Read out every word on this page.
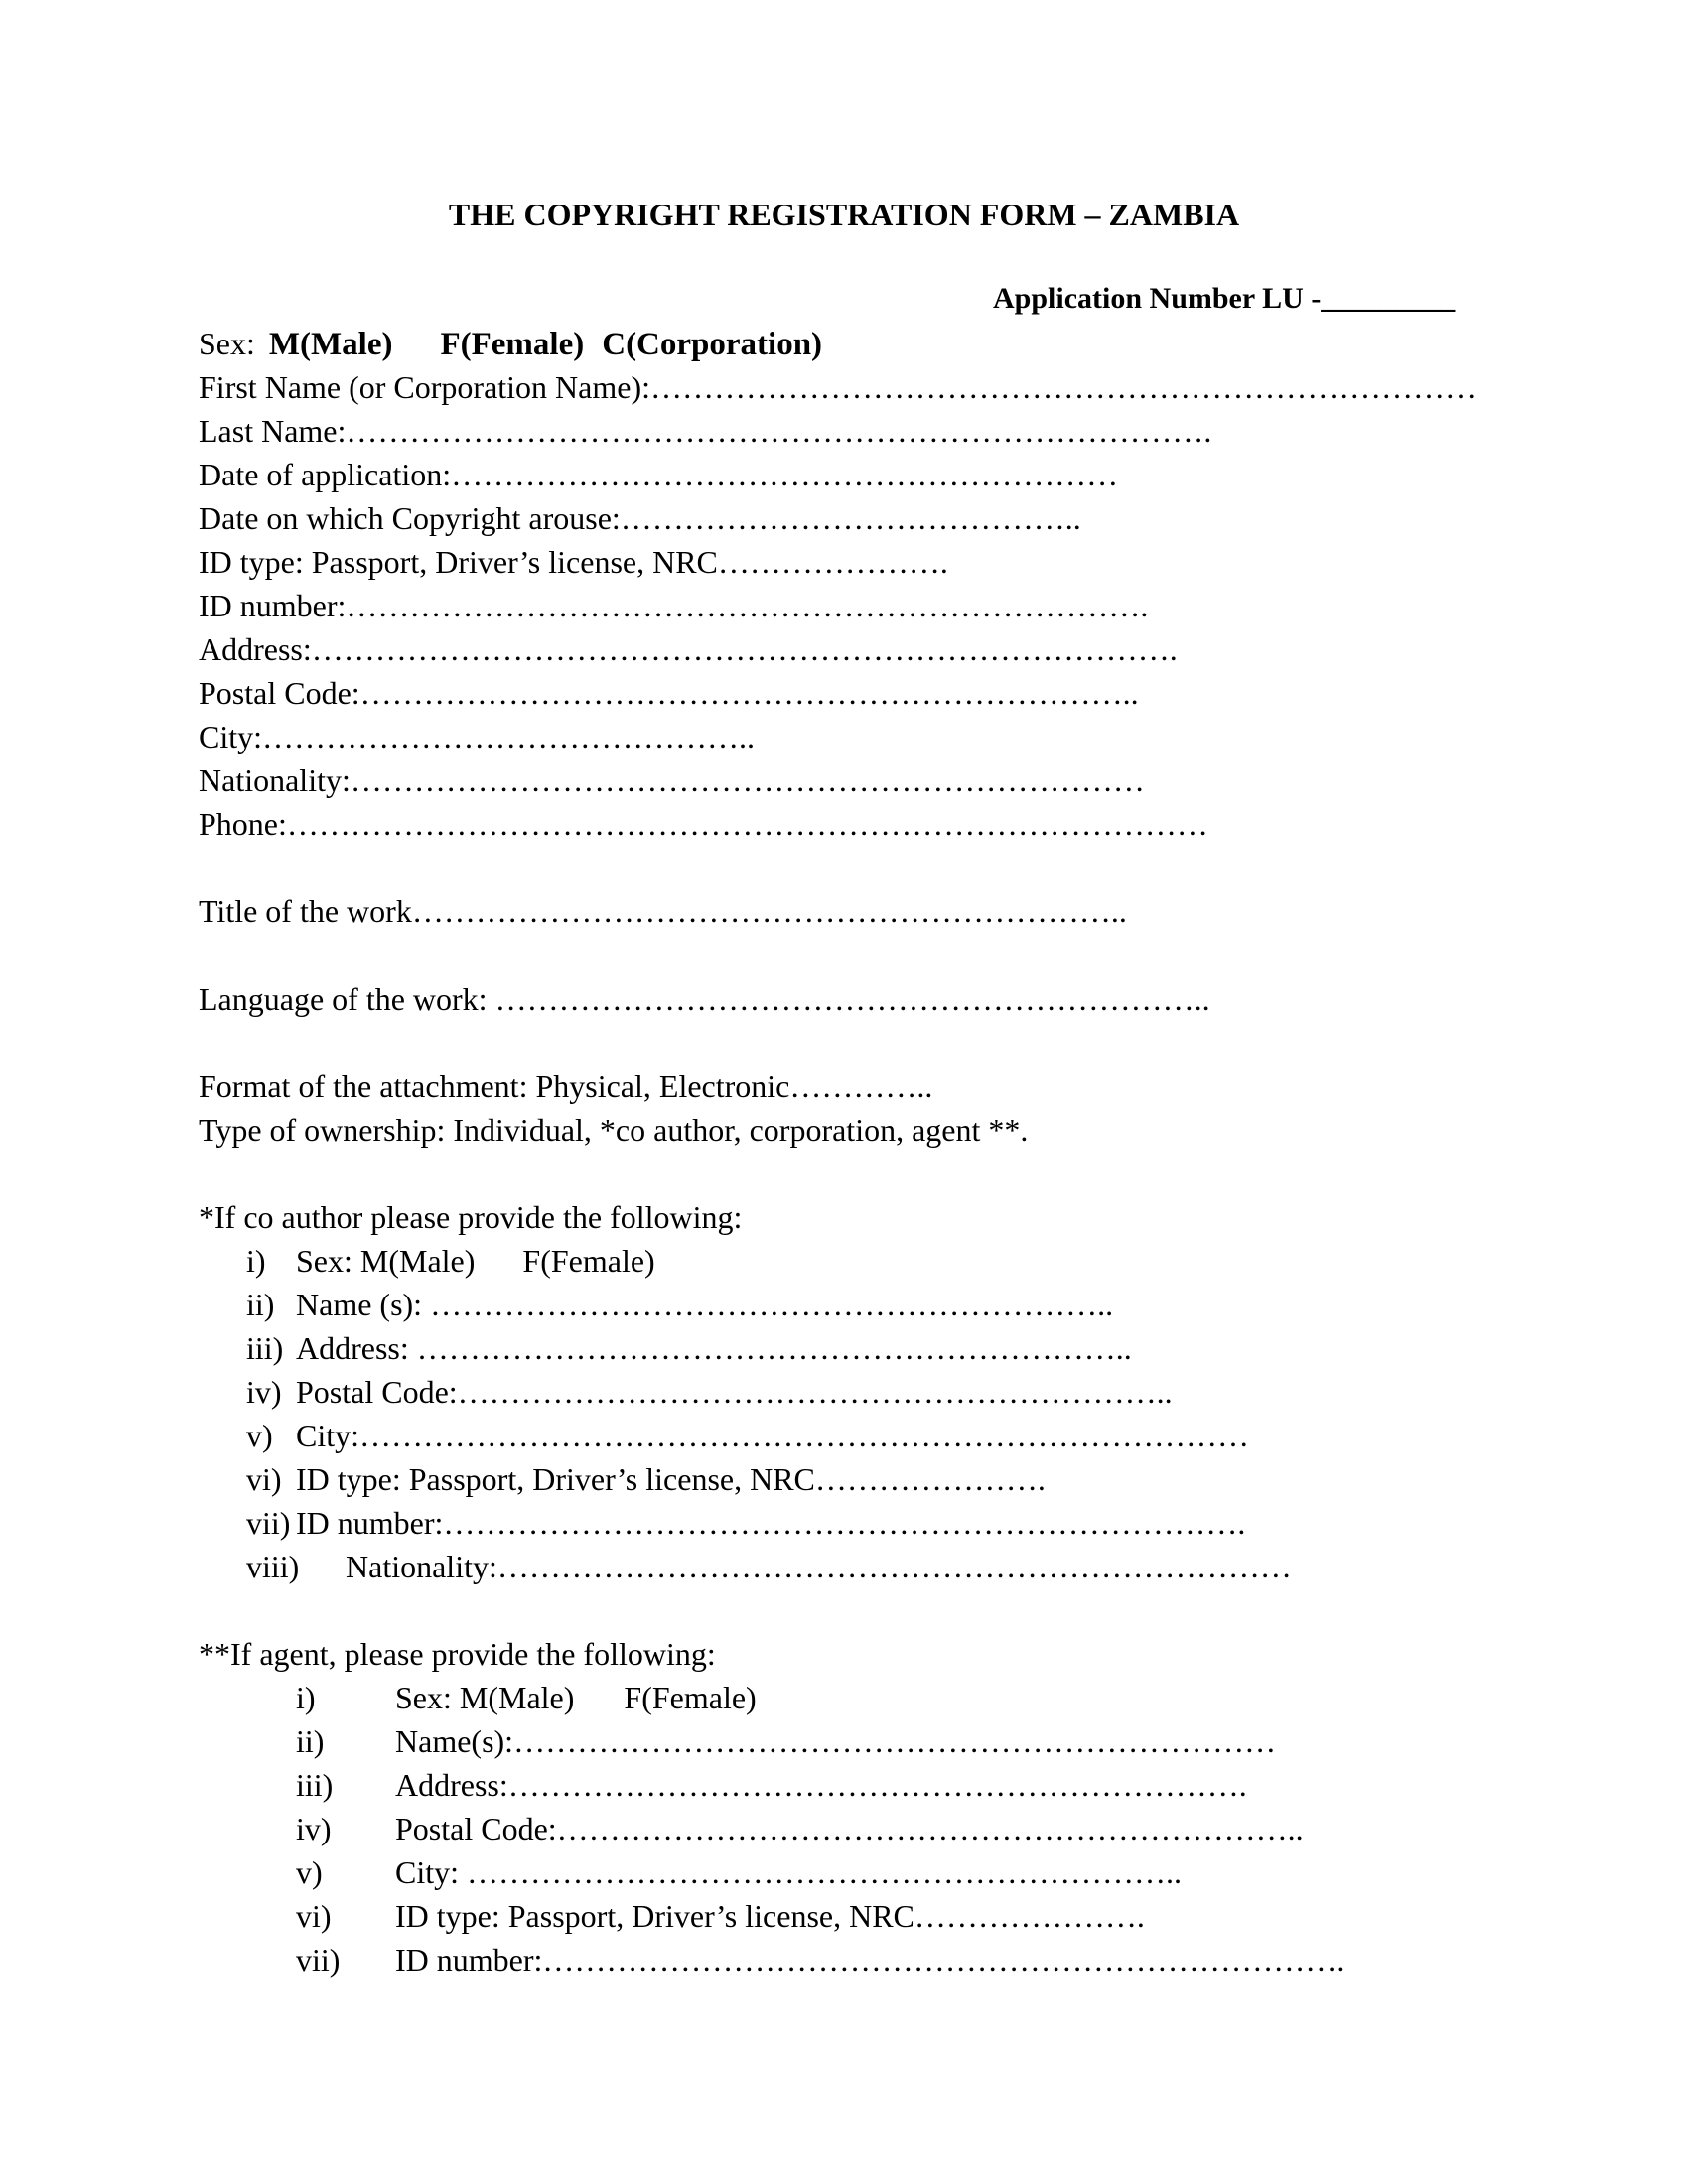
THE COPYRIGHT REGISTRATION FORM – ZAMBIA
Application Number LU -_________
Sex: M(Male) F(Female) C(Corporation)
First Name (or Corporation Name):……………………………………………………………………
Last Name:……………………………………………………………………….
Date of application:………………………………………………………
Date on which Copyright arouse:……………………………………..
ID type: Passport, Driver’s license, NRC………………….
ID number:………………………………………………………………….
Address:……………………………………………………………………….
Postal Code:………………………………………………………………..
City:………………………………………..
Nationality:…………………………………………………………………
Phone:……………………………………………………………………………
Title of the work…………………………………………………………..
Language of the work: …………………………………………………………..
Format of the attachment: Physical, Electronic…………..
Type of ownership: Individual, *co author, corporation, agent **.
*If co author please provide the following:
i) Sex: M(Male) F(Female)
ii) Name (s): ………………………………………………………..
iii) Address: …………………………………………………………..
iv) Postal Code:…………………………………………………………..
v) City:…………………………………………………………………………
vi) ID type: Passport, Driver’s license, NRC………………….
vii) ID number:………………………………………………………………….
viii) Nationality:…………………………………………………………………
**If agent, please provide the following:
i)	Sex: M(Male) F(Female)
ii) Name(s):………………………………………………………………
iii) Address:…………………………………………………………….
iv) Postal Code:……………………………………………………………..
v) City: …………………………………………………………..
vi) ID type: Passport, Driver’s license, NRC………………….
vii) ID number:………………………………………………………………….
